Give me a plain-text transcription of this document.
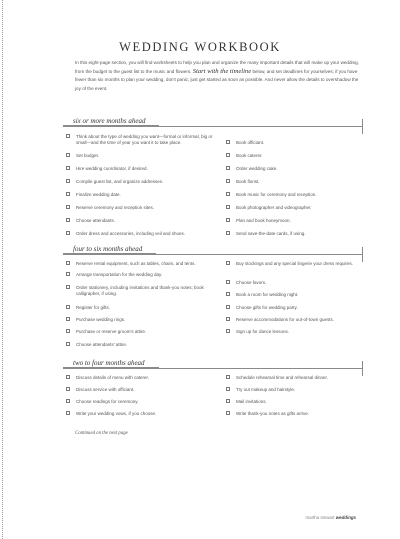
WEDDING WORKBOOK
In this eight-page section, you will find worksheets to help you plan and organize the many important details that will make up your wedding, from the budget to the guest list to the music and flowers. Start with the timeline below, and set deadlines for yourselves; if you have fewer than six months to plan your wedding, don't panic; just get started as soon as possible. And never allow the details to overshadow the joy of the event.
six or more months ahead
Think about the type of wedding you want—formal or informal, big or small—and the time of year you want it to take place.
Set budget.
Hire wedding coordinator, if desired.
Compile guest list, and organize addresses.
Finalize wedding date.
Reserve ceremony and reception sites.
Choose attendants.
Order dress and accessories, including veil and shoes.
Book officiant.
Book caterer.
Order wedding cake.
Book florist.
Book music for ceremony and reception.
Book photographer and videographer.
Plan and book honeymoon.
Send save-the-date cards, if using.
four to six months ahead
Reserve rental equipment, such as tables, chairs, and tents.
Arrange transportation for the wedding day.
Order stationery, including invitations and thank-you notes; book calligrapher, if using.
Register for gifts.
Purchase wedding rings.
Purchase or reserve groom's attire.
Choose attendants' attire.
Buy stockings and any special lingerie your dress requires.
Choose favors.
Book a room for wedding night.
Choose gifts for wedding party.
Reserve accommodations for out-of-town guests.
Sign up for dance lessons.
two to four months ahead
Discuss details of menu with caterer.
Discuss service with officiant.
Choose readings for ceremony.
Write your wedding vows, if you choose.
Schedule rehearsal time and rehearsal dinner.
Try out makeup and hairstyle.
Mail invitations.
Write thank-you notes as gifts arrive.
Continued on the next page
martha stewart weddings
